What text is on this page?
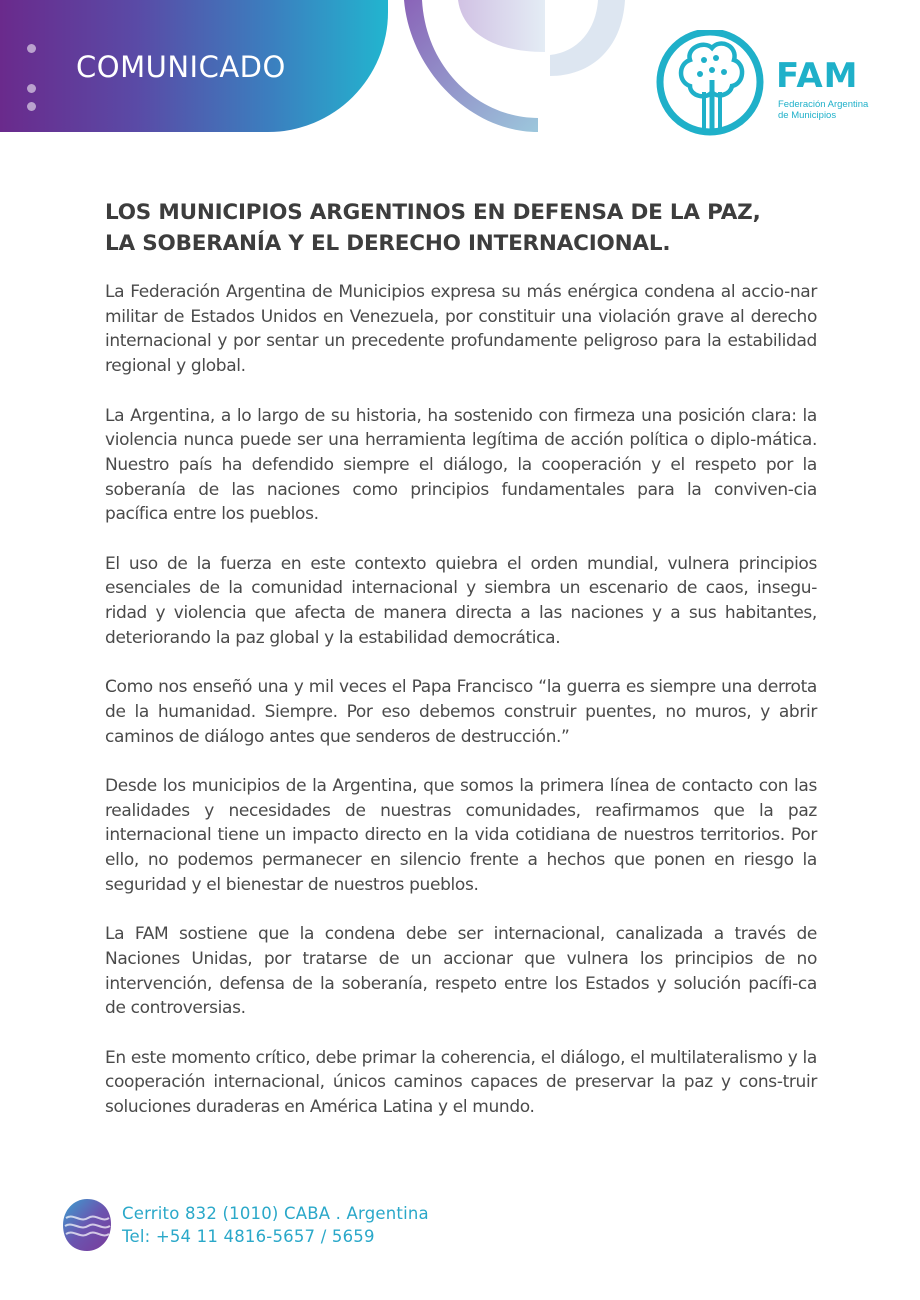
COMUNICADO	FAM
Federación Argentina
de Municipios
LOS MUNICIPIOS ARGENTINOS EN DEFENSA DE LA PAZ,
LA SOBERANÍA Y EL DERECHO INTERNACIONAL.

La Federación Argentina de Municipios expresa su más enérgica condena al accio-nar militar de Estados Unidos en Venezuela, por constituir una violación grave al derecho internacional y por sentar un precedente profundamente peligroso para la estabilidad regional y global.

La Argentina, a lo largo de su historia, ha sostenido con firmeza una posición clara: la violencia nunca puede ser una herramienta legítima de acción política o diplo-mática. Nuestro país ha defendido siempre el diálogo, la cooperación y el respeto por la soberanía de las naciones como principios fundamentales para la conviven-cia pacífica entre los pueblos.

El uso de la fuerza en este contexto quiebra el orden mundial, vulnera principios esenciales de la comunidad internacional y siembra un escenario de caos, insegu-ridad y violencia que afecta de manera directa a las naciones y a sus habitantes, deteriorando la paz global y la estabilidad democrática.

Como nos enseñó una y mil veces el Papa Francisco “la guerra es siempre una derrota de la humanidad. Siempre. Por eso debemos construir puentes, no muros, y abrir caminos de diálogo antes que senderos de destrucción.”

Desde los municipios de la Argentina, que somos la primera línea de contacto con las realidades y necesidades de nuestras comunidades, reafirmamos que la paz internacional tiene un impacto directo en la vida cotidiana de nuestros territorios. Por ello, no podemos permanecer en silencio frente a hechos que ponen en riesgo la seguridad y el bienestar de nuestros pueblos.

La FAM sostiene que la condena debe ser internacional, canalizada a través de Naciones Unidas, por tratarse de un accionar que vulnera los principios de no intervención, defensa de la soberanía, respeto entre los Estados y solución pacífi-ca de controversias.

En este momento crítico, debe primar la coherencia, el diálogo, el multilateralismo y la cooperación internacional, únicos caminos capaces de preservar la paz y cons-truir soluciones duraderas en América Latina y el mundo.

Cerrito 832 (1010) CABA . Argentina
Tel: +54 11 4816-5657 / 5659
